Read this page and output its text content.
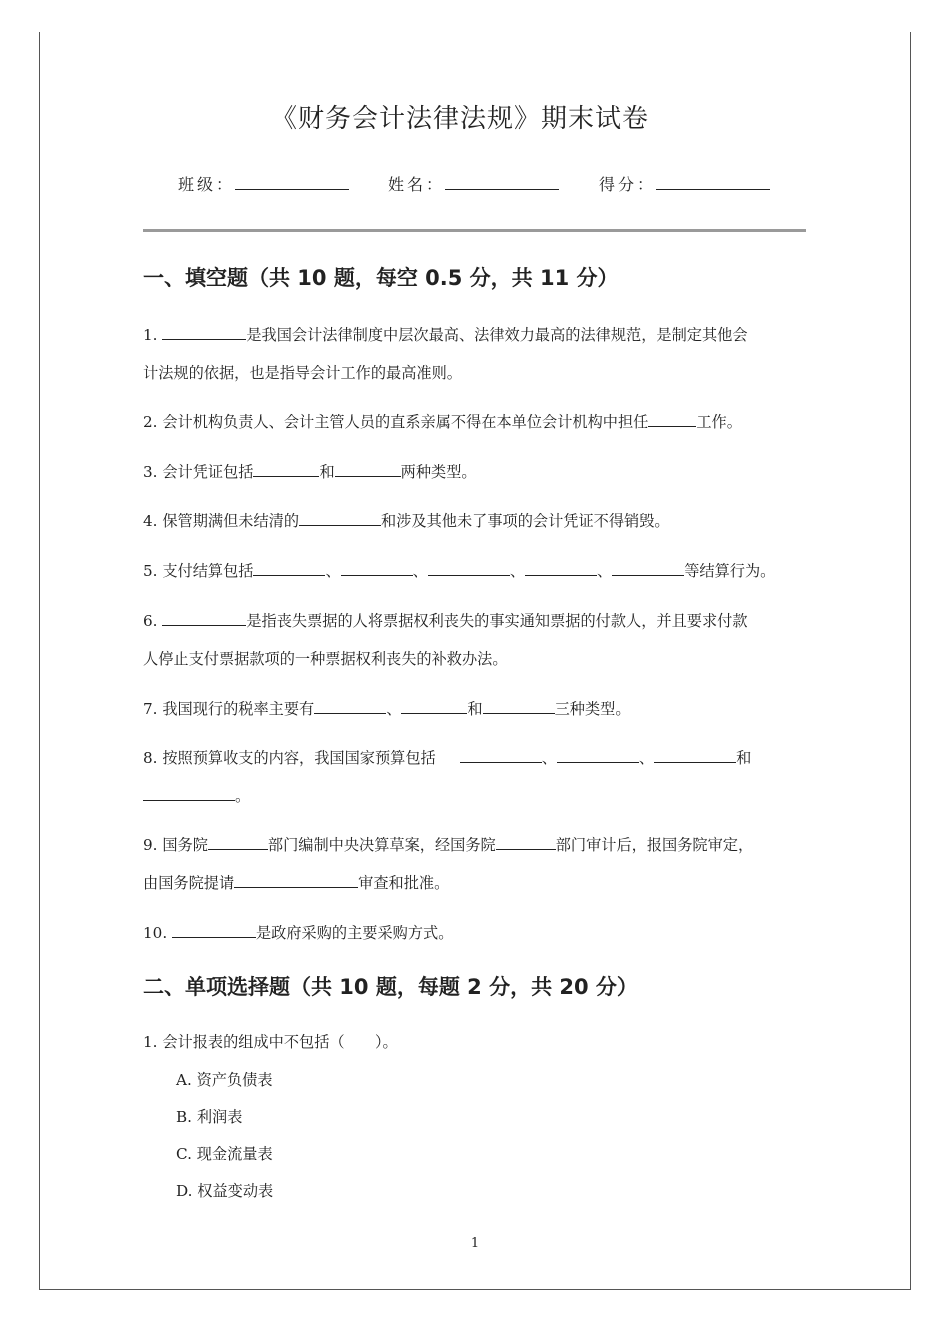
《财务会计法律法规》期末试卷
班级：	姓名：	得分：
一、填空题（共 10 题，每空 0.5 分，共 11 分）
1.	是我国会计法律制度中层次最高、法律效力最高的法律规范，是制定其他会
计法规的依据，也是指导会计工作的最高准则。
2. 会计机构负责人、会计主管人员的直系亲属不得在本单位会计机构中担任	工作。
3. 会计凭证包括	和	两种类型。
4. 保管期满但未结清的	和涉及其他未了事项的会计凭证不得销毁。
5. 支付结算包括	、	、	、	、	等结算行为。
6.	是指丧失票据的人将票据权利丧失的事实通知票据的付款人，并且要求付款
人停止支付票据款项的一种票据权利丧失的补救办法。
7. 我国现行的税率主要有	、	和	三种类型。
8. 按照预算收支的内容，我国国家预算包括	、	、	和
。
9. 国务院	部门编制中央决算草案，经国务院	部门审计后，报国务院审定，
由国务院提请	审查和批准。
10.	是政府采购的主要采购方式。
二、单项选择题（共 10 题，每题 2 分，共 20 分）
1. 会计报表的组成中不包括（　　）。
A. 资产负债表
B. 利润表
C. 现金流量表
D. 权益变动表
1
